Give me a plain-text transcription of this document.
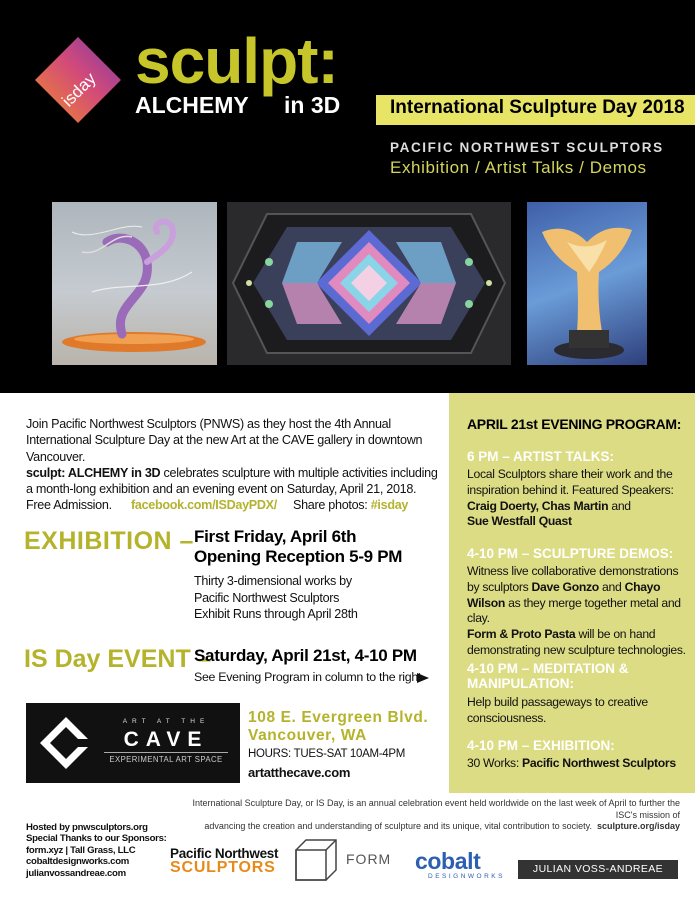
isday sculpt:
ALCHEMY in 3D	International Sculpture Day 2018
PACIFIC NORTHWEST SCULPTORS
Exhibition / Artist Talks / Demos
Join Pacific Northwest Sculptors (PNWS) as they host the 4th Annual International Sculpture Day at the new Art at the CAVE gallery in downtown Vancouver.
sculpt: ALCHEMY in 3D celebrates sculpture with multiple activities including a month-long exhibition and an evening event on Saturday, April 21, 2018.
Free Admission. facebook.com/ISDayPDX/ Share photos: #isday
EXHIBITION – First Friday, April 6th
Opening Reception 5-9 PM
Thirty 3-dimensional works by
Pacific Northwest Sculptors
Exhibit Runs through April 28th
IS Day EVENT –
Saturday, April 21st, 4-10 PM
See Evening Program in column to the right
ART AT THE
CAVE
EXPERIMENTAL ART SPACE
108 E. Evergreen Blvd.
Vancouver, WA
HOURS: TUES-SAT 10AM-4PM
artatthecave.com
APRIL 21st EVENING PROGRAM:
6 PM – ARTIST TALKS:
Local Sculptors share their work and the inspiration behind it. Featured Speakers:
Craig Doerty, Chas Martin and
Sue Westfall Quast
4-10 PM – SCULPTURE DEMOS:
Witness live collaborative demonstrations by sculptors Dave Gonzo and Chayo Wilson as they merge together metal and clay.
Form & Proto Pasta will be on hand demonstrating new sculpture technologies.
4-10 PM – MEDITATION &
MANIPULATION:
Help build passageways to creative consciousness.
4-10 PM – EXHIBITION:
30 Works: Pacific Northwest Sculptors
International Sculpture Day, or IS Day, is an annual celebration event held worldwide on the last week of April to further the ISC's mission of
advancing the creation and understanding of sculpture and its unique, vital contribution to society. sculpture.org/isday
Hosted by pnwsculptors.org
Special Thanks to our Sponsors:
form.xyz | Tall Grass, LLC
cobaltdesignworks.com
julianvossandreae.com
Pacific Northwest
SCULPTORS	FORM cobalt
DESIGNWORKS
JULIAN VOSS-ANDREAE
